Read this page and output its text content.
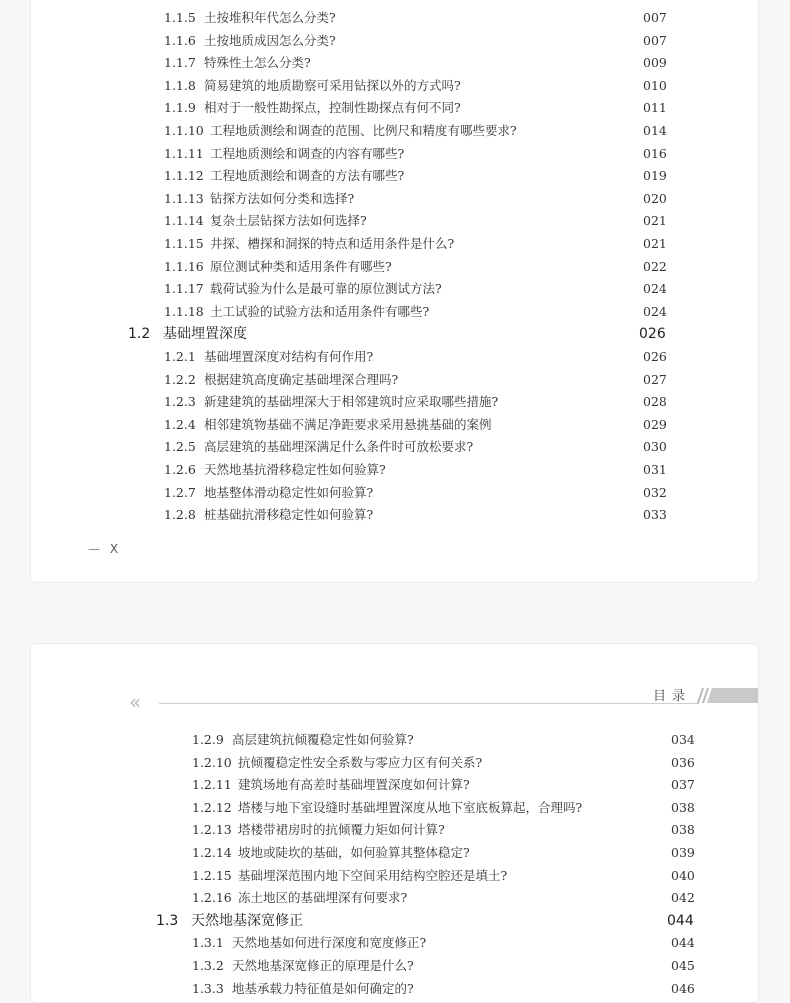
1.1.5 土按堆积年代怎么分类?	007
1.1.6 土按地质成因怎么分类?	007
1.1.7 特殊性土怎么分类?	009
1.1.8 简易建筑的地质勘察可采用钻探以外的方式吗?	010
1.1.9 相对于一般性勘探点，控制性勘探点有何不同?	011
1.1.10 工程地质测绘和调查的范围、比例尺和精度有哪些要求?	014
1.1.11 工程地质测绘和调查的内容有哪些?	016
1.1.12 工程地质测绘和调查的方法有哪些?	019
1.1.13 钻探方法如何分类和选择?	020
1.1.14 复杂土层钻探方法如何选择?	021
1.1.15 井探、槽探和洞探的特点和适用条件是什么?	021
1.1.16 原位测试种类和适用条件有哪些?	022
1.1.17 载荷试验为什么是最可靠的原位测试方法?	024
1.1.18 土工试验的试验方法和适用条件有哪些?	024
1.2 基础埋置深度	026
1.2.1 基础埋置深度对结构有何作用?	026
1.2.2 根据建筑高度确定基础埋深合理吗?	027
1.2.3 新建建筑的基础埋深大于相邻建筑时应采取哪些措施?	028
1.2.4 相邻建筑物基础不满足净距要求采用悬挑基础的案例	029
1.2.5 高层建筑的基础埋深满足什么条件时可放松要求?	030
1.2.6 天然地基抗滑移稳定性如何验算?	031
1.2.7 地基整体滑动稳定性如何验算?	032
1.2.8 桩基础抗滑移稳定性如何验算?	033
— X
«	目录
1.2.9 高层建筑抗倾覆稳定性如何验算?	034
1.2.10 抗倾覆稳定性安全系数与零应力区有何关系?	036
1.2.11 建筑场地有高差时基础埋置深度如何计算?	037
1.2.12 塔楼与地下室设缝时基础埋置深度从地下室底板算起，合理吗?	038
1.2.13 塔楼带裙房时的抗倾覆力矩如何计算?	038
1.2.14 坡地或陡坎的基础，如何验算其整体稳定?	039
1.2.15 基础埋深范围内地下空间采用结构空腔还是填土?	040
1.2.16 冻土地区的基础埋深有何要求?	042
1.3 天然地基深宽修正	044
1.3.1 天然地基如何进行深度和宽度修正?	044
1.3.2 天然地基深宽修正的原理是什么?	045
1.3.3 地基承载力特征值是如何确定的?	046
